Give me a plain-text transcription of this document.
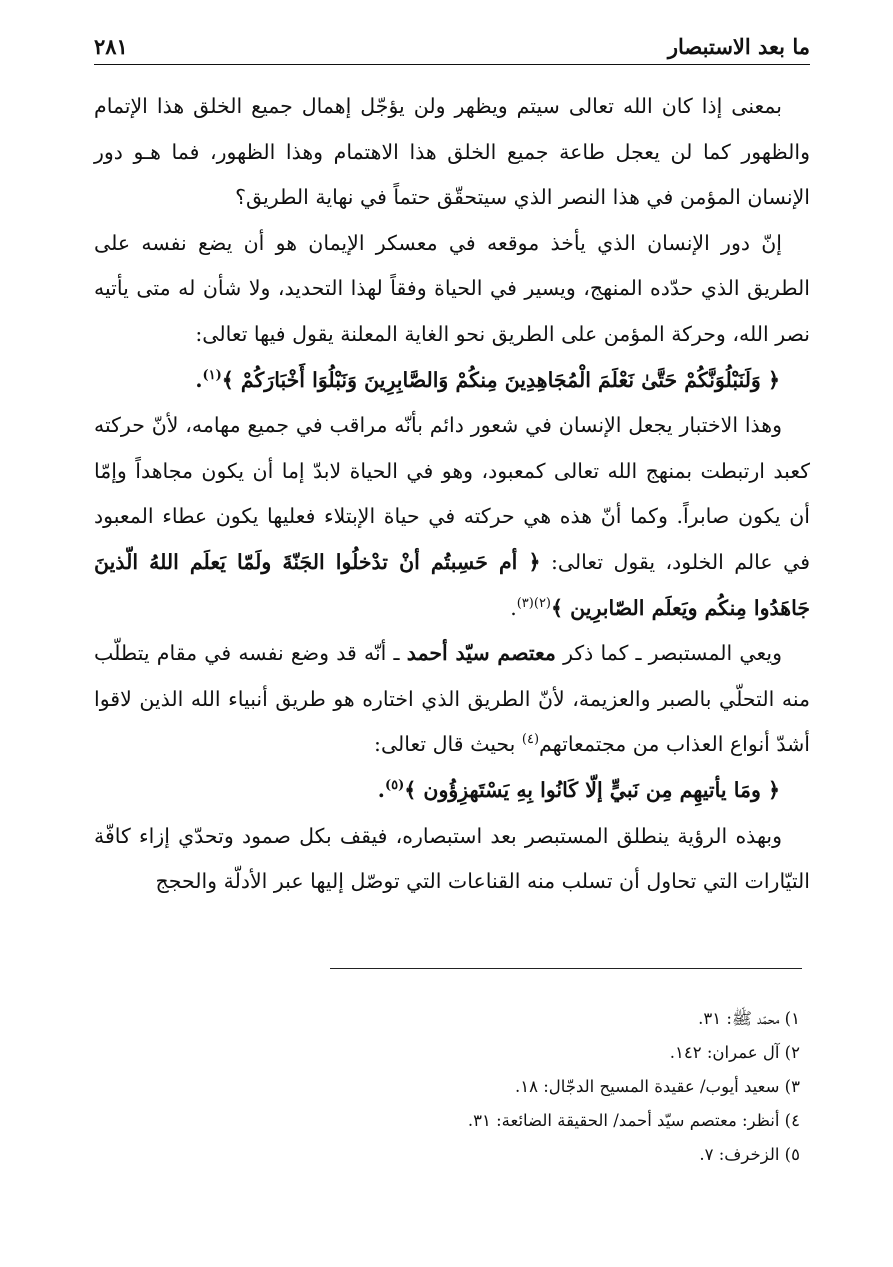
ما بعد الاستبصار
٢٨١

بمعنى إذا كان الله تعالى سيتم ويظهر ولن يؤجّل إهمال جميع الخلق هذا الإتمام والظهور كما لن يعجل طاعة جميع الخلق هذا الاهتمام وهذا الظهور، فما هـو دور الإنسان المؤمن في هذا النصر الذي سيتحقّق حتماً في نهاية الطريق؟

إنّ دور الإنسان الذي يأخذ موقعه في معسكر الإيمان هو أن يضع نفسه على الطريق الذي حدّده المنهج، ويسير في الحياة وفقاً لهذا التحديد، ولا شأن له متى يأتيه نصر الله، وحركة المؤمن على الطريق نحو الغاية المعلنة يقول فيها تعالى:

﴿ وَلَنَبْلُوَنَّكُمْ حَتَّىٰ نَعْلَمَ الْمُجَاهِدِينَ مِنكُمْ وَالصَّابِرِينَ وَنَبْلُوَا أَخْبَارَكُمْ ﴾$^{(١)}$.

وهذا الاختبار يجعل الإنسان في شعور دائم بأنّه مراقب في جميع مهامه، لأنّ حركته كعبد ارتبطت بمنهج الله تعالى كمعبود، وهو في الحياة لابدّ إما أن يكون مجاهداً وإمّا أن يكون صابراً. وكما أنّ هذه هي حركته في حياة الإبتلاء فعليها يكون عطاء المعبود في عالم الخلود، يقول تعالى: ﴿ أم حَسِبتُم أنْ تدْخلُوا الجَنّةَ ولَمّا يَعلَم اللهُ الّذينَ جَاهَدُوا مِنكُم ويَعلَم الصّابرِين ﴾$^{(٢)(٣)}$.

ويعي المستبصر ـ كما ذكر معتصم سيّد أحمد ـ أنّه قد وضع نفسه في مقام يتطلّب منه التحلّي بالصبر والعزيمة، لأنّ الطريق الذي اختاره هو طريق أنبياء الله الذين لاقوا أشدّ أنواع العذاب من مجتمعاتهم$^{(٤)}$ بحيث قال تعالى:

﴿ ومَا يأتيهِم مِن نَبيٍّ إلّا كَانُوا بِهِ يَسْتَهزِؤُون ﴾$^{(٥)}$.

وبهذه الرؤية ينطلق المستبصر بعد استبصاره، فيقف بكل صمود وتحدّي إزاء كافّة التيّارات التي تحاول أن تسلب منه القناعات التي توصّل إليها عبر الأدلّة والحجج

١) محمّد ﷺ: ٣١.
٢) آل عمران: ١٤٢.
٣) سعيد أيوب/ عقيدة المسيح الدجّال: ١٨.
٤) أنظر: معتصم سيّد أحمد/ الحقيقة الضائعة: ٣١.
٥) الزخرف: ٧.
